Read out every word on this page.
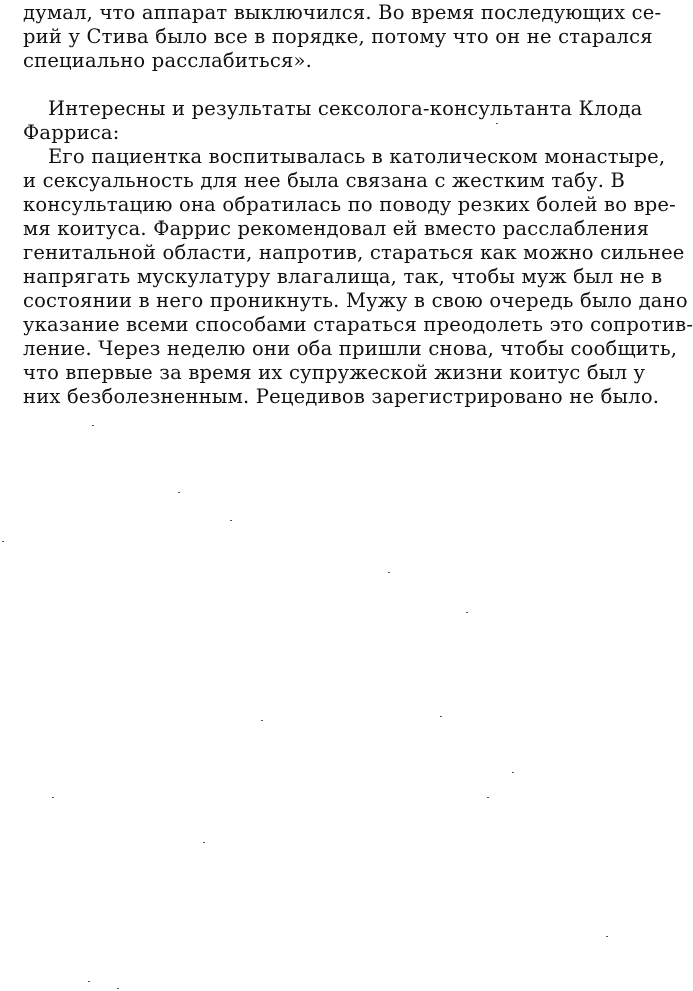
думал, что аппарат выключился. Во время последующих се-
рий у Стива было все в порядке, потому что он не старался
специально расслабиться».
Интересны и результаты сексолога-консультанта Клода
Фарриса:
Его пациентка воспитывалась в католическом монастыре,
и сексуальность для нее была связана с жестким табу. В
консультацию она обратилась по поводу резких болей во вре-
мя коитуса. Фаррис рекомендовал ей вместо расслабления
генитальной области, напротив, стараться как можно сильнее
напрягать мускулатуру влагалища, так, чтобы муж был не в
состоянии в него проникнуть. Мужу в свою очередь было дано
указание всеми способами стараться преодолеть это сопротив-
ление. Через неделю они оба пришли снова, чтобы сообщить,
что впервые за время их супружеской жизни коитус был у
них безболезненным. Рецедивов зарегистрировано не было.
